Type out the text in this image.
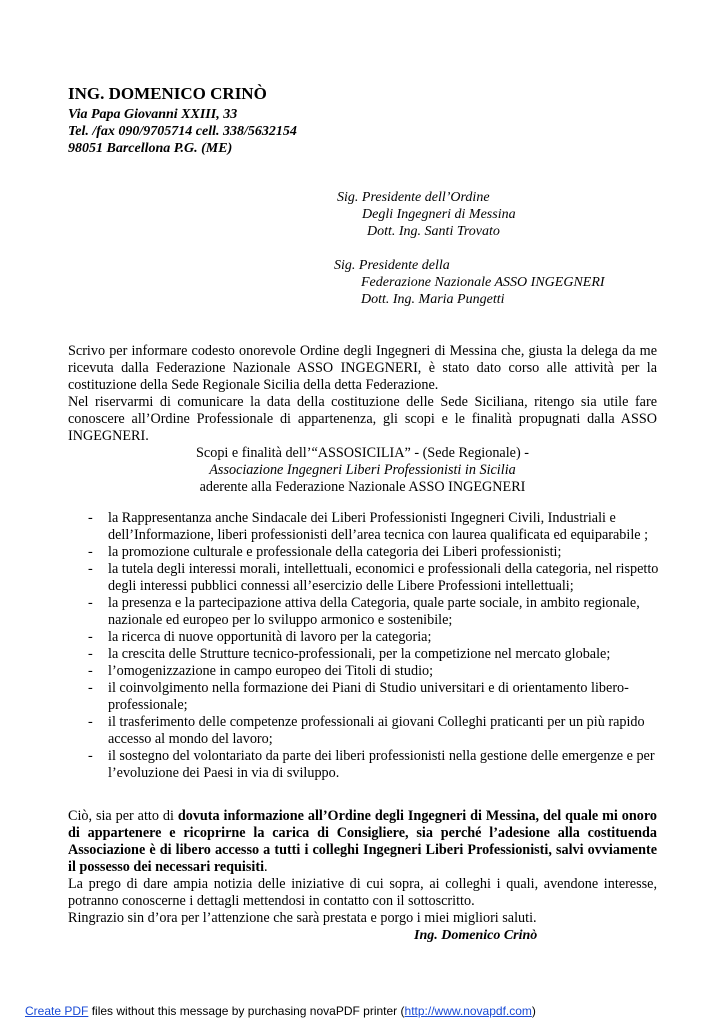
ING. DOMENICO CRINÒ
Via Papa Giovanni XXIII, 33
Tel. /fax 090/9705714 cell. 338/5632154
98051 Barcellona P.G. (ME)
Sig. Presidente dell’Ordine
Degli Ingegneri di Messina
Dott. Ing. Santi Trovato
Sig. Presidente della
Federazione Nazionale ASSO INGEGNERI
Dott. Ing. Maria Pungetti

Scrivo per informare codesto onorevole Ordine degli Ingegneri di Messina che, giusta la delega da me ricevuta dalla Federazione Nazionale ASSO INGEGNERI, è stato dato corso alle attività per la costituzione della Sede Regionale Sicilia della detta Federazione.

Nel riservarmi di comunicare la data della costituzione delle Sede Siciliana, ritengo sia utile fare conoscere all’Ordine Professionale di appartenenza, gli scopi e le finalità propugnati dalla ASSO INGEGNERI.

Scopi e finalità dell’“ASSOSICILIA” - (Sede Regionale) -

Associazione Ingegneri Liberi Professionisti in Sicilia

aderente alla Federazione Nazionale ASSO INGEGNERI

- la Rappresentanza anche Sindacale dei Liberi Professionisti Ingegneri Civili, Industriali e dell’Informazione, liberi professionisti dell’area tecnica con laurea qualificata ed equiparabile ;

- la promozione culturale e professionale della categoria dei Liberi professionisti;

- la tutela degli interessi morali, intellettuali, economici e professionali della categoria, nel rispetto degli interessi pubblici connessi all’esercizio delle Libere Professioni intellettuali;

- la presenza e la partecipazione attiva della Categoria, quale parte sociale, in ambito regionale, nazionale ed europeo per lo sviluppo armonico e sostenibile;

- la ricerca di nuove opportunità di lavoro per la categoria;

- la crescita delle Strutture tecnico-professionali, per la competizione nel mercato globale;

- l’omogenizzazione in campo europeo dei Titoli di studio;

- il coinvolgimento nella formazione dei Piani di Studio universitari e di orientamento libero-professionale;

- il trasferimento delle competenze professionali ai giovani Colleghi praticanti per un più rapido accesso al mondo del lavoro;

- il sostegno del volontariato da parte dei liberi professionisti nella gestione delle emergenze e per l’evoluzione dei Paesi in via di sviluppo.

Ciò, sia per atto di dovuta informazione all’Ordine degli Ingegneri di Messina, del quale mi onoro di appartenere e ricoprirne la carica di Consigliere, sia perché l’adesione alla costituenda Associazione è di libero accesso a tutti i colleghi Ingegneri Liberi Professionisti, salvi ovviamente il possesso dei necessari requisiti.

La prego di dare ampia notizia delle iniziative di cui sopra, ai colleghi i quali, avendone interesse, potranno conoscerne i dettagli mettendosi in contatto con il sottoscritto.

Ringrazio sin d’ora per l’attenzione che sarà prestata e porgo i miei migliori saluti.

Ing. Domenico Crinò
Create PDF files without this message by purchasing novaPDF printer (http://www.novapdf.com)
